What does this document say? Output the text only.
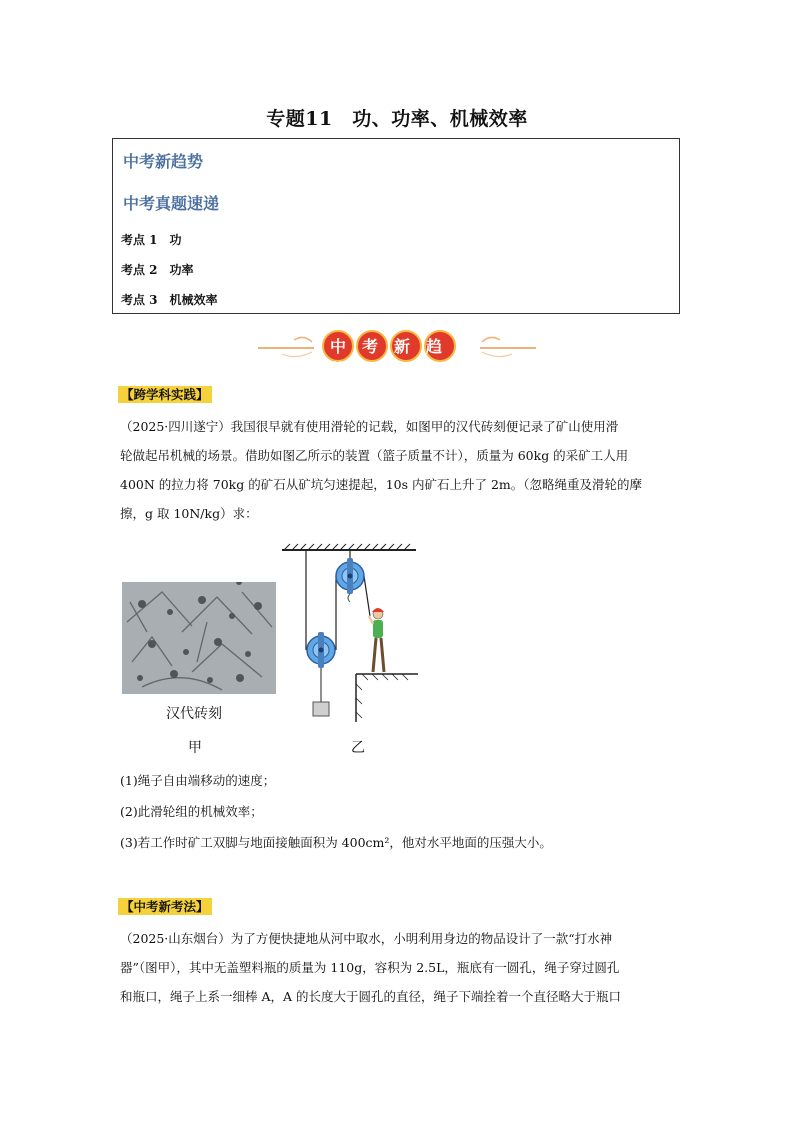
专题11　功、功率、机械效率
中考新趋势
中考真题速递
考点 1　功
考点 2　功率
考点 3　机械效率
中考新趋势
【跨学科实践】
（2025·四川遂宁）我国很早就有使用滑轮的记载，如图甲的汉代砖刻便记录了矿山使用滑
轮做起吊机械的场景。借助如图乙所示的装置（篮子质量不计），质量为 60kg 的采矿工人用
400N 的拉力将 70kg 的矿石从矿坑匀速提起，10s 内矿石上升了 2m。（忽略绳重及滑轮的摩
擦，g 取 10N/kg）求：
汉代砖刻
甲	乙
(1)绳子自由端移动的速度；
(2)此滑轮组的机械效率；
(3)若工作时矿工双脚与地面接触面积为 400cm²，他对水平地面的压强大小。
【中考新考法】
（2025·山东烟台）为了方便快捷地从河中取水，小明利用身边的物品设计了一款“打水神
器”（图甲），其中无盖塑料瓶的质量为 110g，容积为 2.5L，瓶底有一圆孔，绳子穿过圆孔
和瓶口，绳子上系一细棒 A，A 的长度大于圆孔的直径，绳子下端拴着一个直径略大于瓶口
